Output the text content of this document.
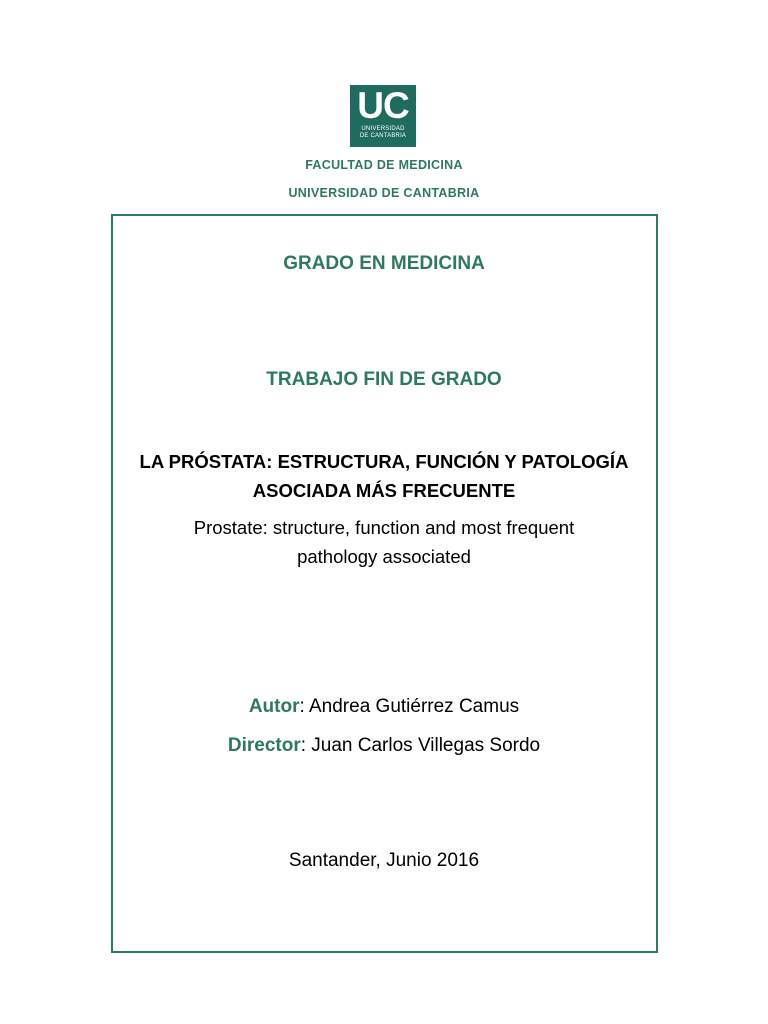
UC
UNIVERSIDAD
DE CANTABRIA
FACULTAD DE MEDICINA
UNIVERSIDAD DE CANTABRIA
GRADO EN MEDICINA
TRABAJO FIN DE GRADO
LA PRÓSTATA: ESTRUCTURA, FUNCIÓN Y PATOLOGÍA
ASOCIADA MÁS FRECUENTE
Prostate: structure, function and most frequent
pathology associated
Autor: Andrea Gutiérrez Camus
Director: Juan Carlos Villegas Sordo
Santander, Junio 2016
